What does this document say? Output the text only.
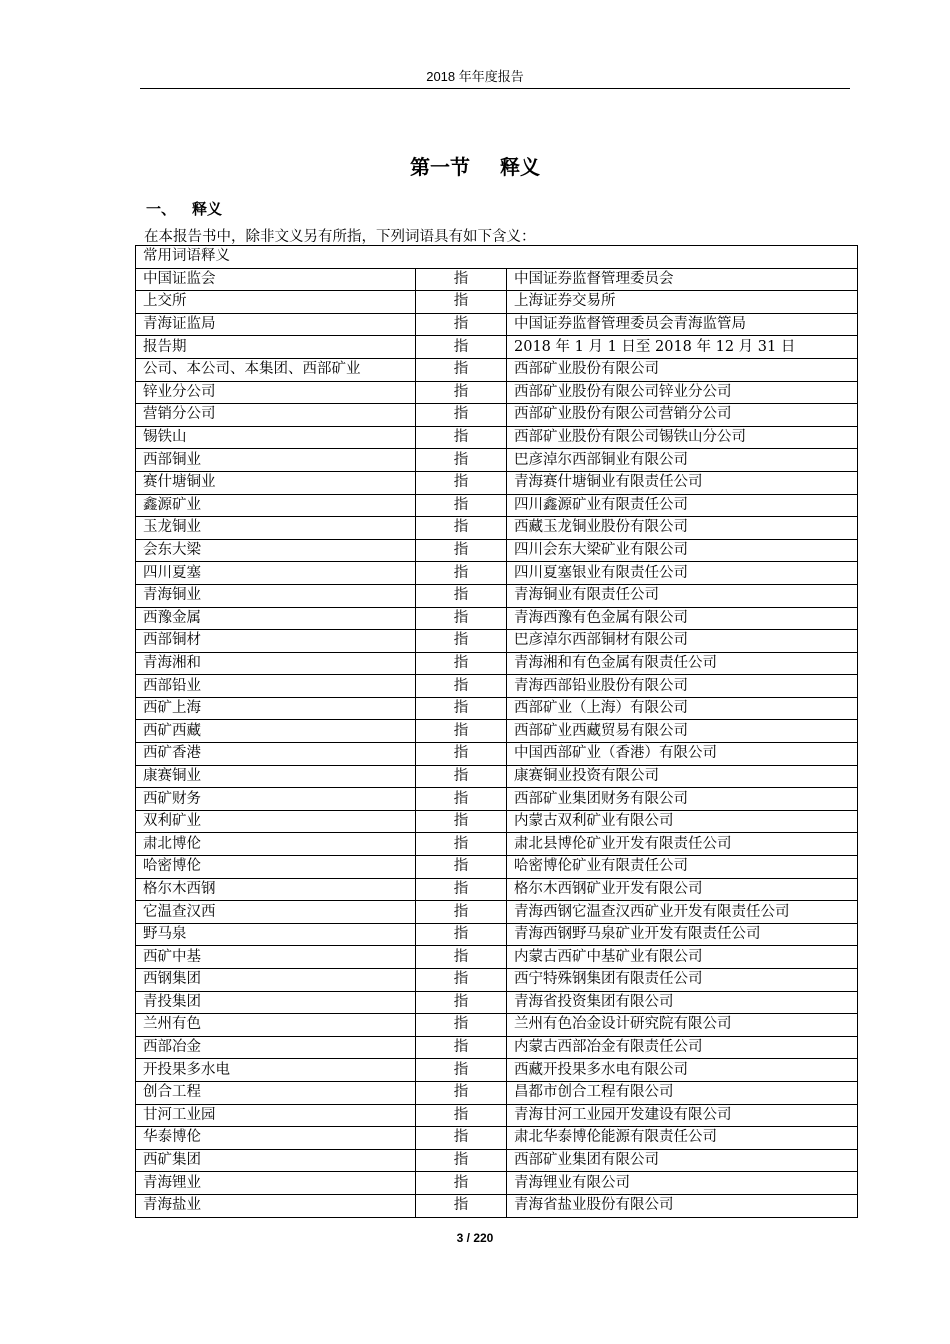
2018 年年度报告
第一节 释义
一、 释义
在本报告书中，除非文义另有所指，下列词语具有如下含义：
常用词语释义		
中国证监会	指	中国证券监督管理委员会
上交所	指	上海证券交易所
青海证监局	指	中国证券监督管理委员会青海监管局
报告期	指	2018 年 1 月 1 日至 2018 年 12 月 31 日
公司、本公司、本集团、西部矿业	指	西部矿业股份有限公司
锌业分公司	指	西部矿业股份有限公司锌业分公司
营销分公司	指	西部矿业股份有限公司营销分公司
锡铁山	指	西部矿业股份有限公司锡铁山分公司
西部铜业	指	巴彦淖尔西部铜业有限公司
赛什塘铜业	指	青海赛什塘铜业有限责任公司
鑫源矿业	指	四川鑫源矿业有限责任公司
玉龙铜业	指	西藏玉龙铜业股份有限公司
会东大梁	指	四川会东大梁矿业有限公司
四川夏塞	指	四川夏塞银业有限责任公司
青海铜业	指	青海铜业有限责任公司
西豫金属	指	青海西豫有色金属有限公司
西部铜材	指	巴彦淖尔西部铜材有限公司
青海湘和	指	青海湘和有色金属有限责任公司
西部铅业	指	青海西部铅业股份有限公司
西矿上海	指	西部矿业（上海）有限公司
西矿西藏	指	西部矿业西藏贸易有限公司
西矿香港	指	中国西部矿业（香港）有限公司
康赛铜业	指	康赛铜业投资有限公司
西矿财务	指	西部矿业集团财务有限公司
双利矿业	指	内蒙古双利矿业有限公司
肃北博伦	指	肃北县博伦矿业开发有限责任公司
哈密博伦	指	哈密博伦矿业有限责任公司
格尔木西钢	指	格尔木西钢矿业开发有限公司
它温查汉西	指	青海西钢它温查汉西矿业开发有限责任公司
野马泉	指	青海西钢野马泉矿业开发有限责任公司
西矿中基	指	内蒙古西矿中基矿业有限公司
西钢集团	指	西宁特殊钢集团有限责任公司
青投集团	指	青海省投资集团有限公司
兰州有色	指	兰州有色冶金设计研究院有限公司
西部冶金	指	内蒙古西部冶金有限责任公司
开投果多水电	指	西藏开投果多水电有限公司
创合工程	指	昌都市创合工程有限公司
甘河工业园	指	青海甘河工业园开发建设有限公司
华泰博伦	指	肃北华泰博伦能源有限责任公司
西矿集团	指	西部矿业集团有限公司
青海锂业	指	青海锂业有限公司
青海盐业	指	青海省盐业股份有限公司
3 / 220
